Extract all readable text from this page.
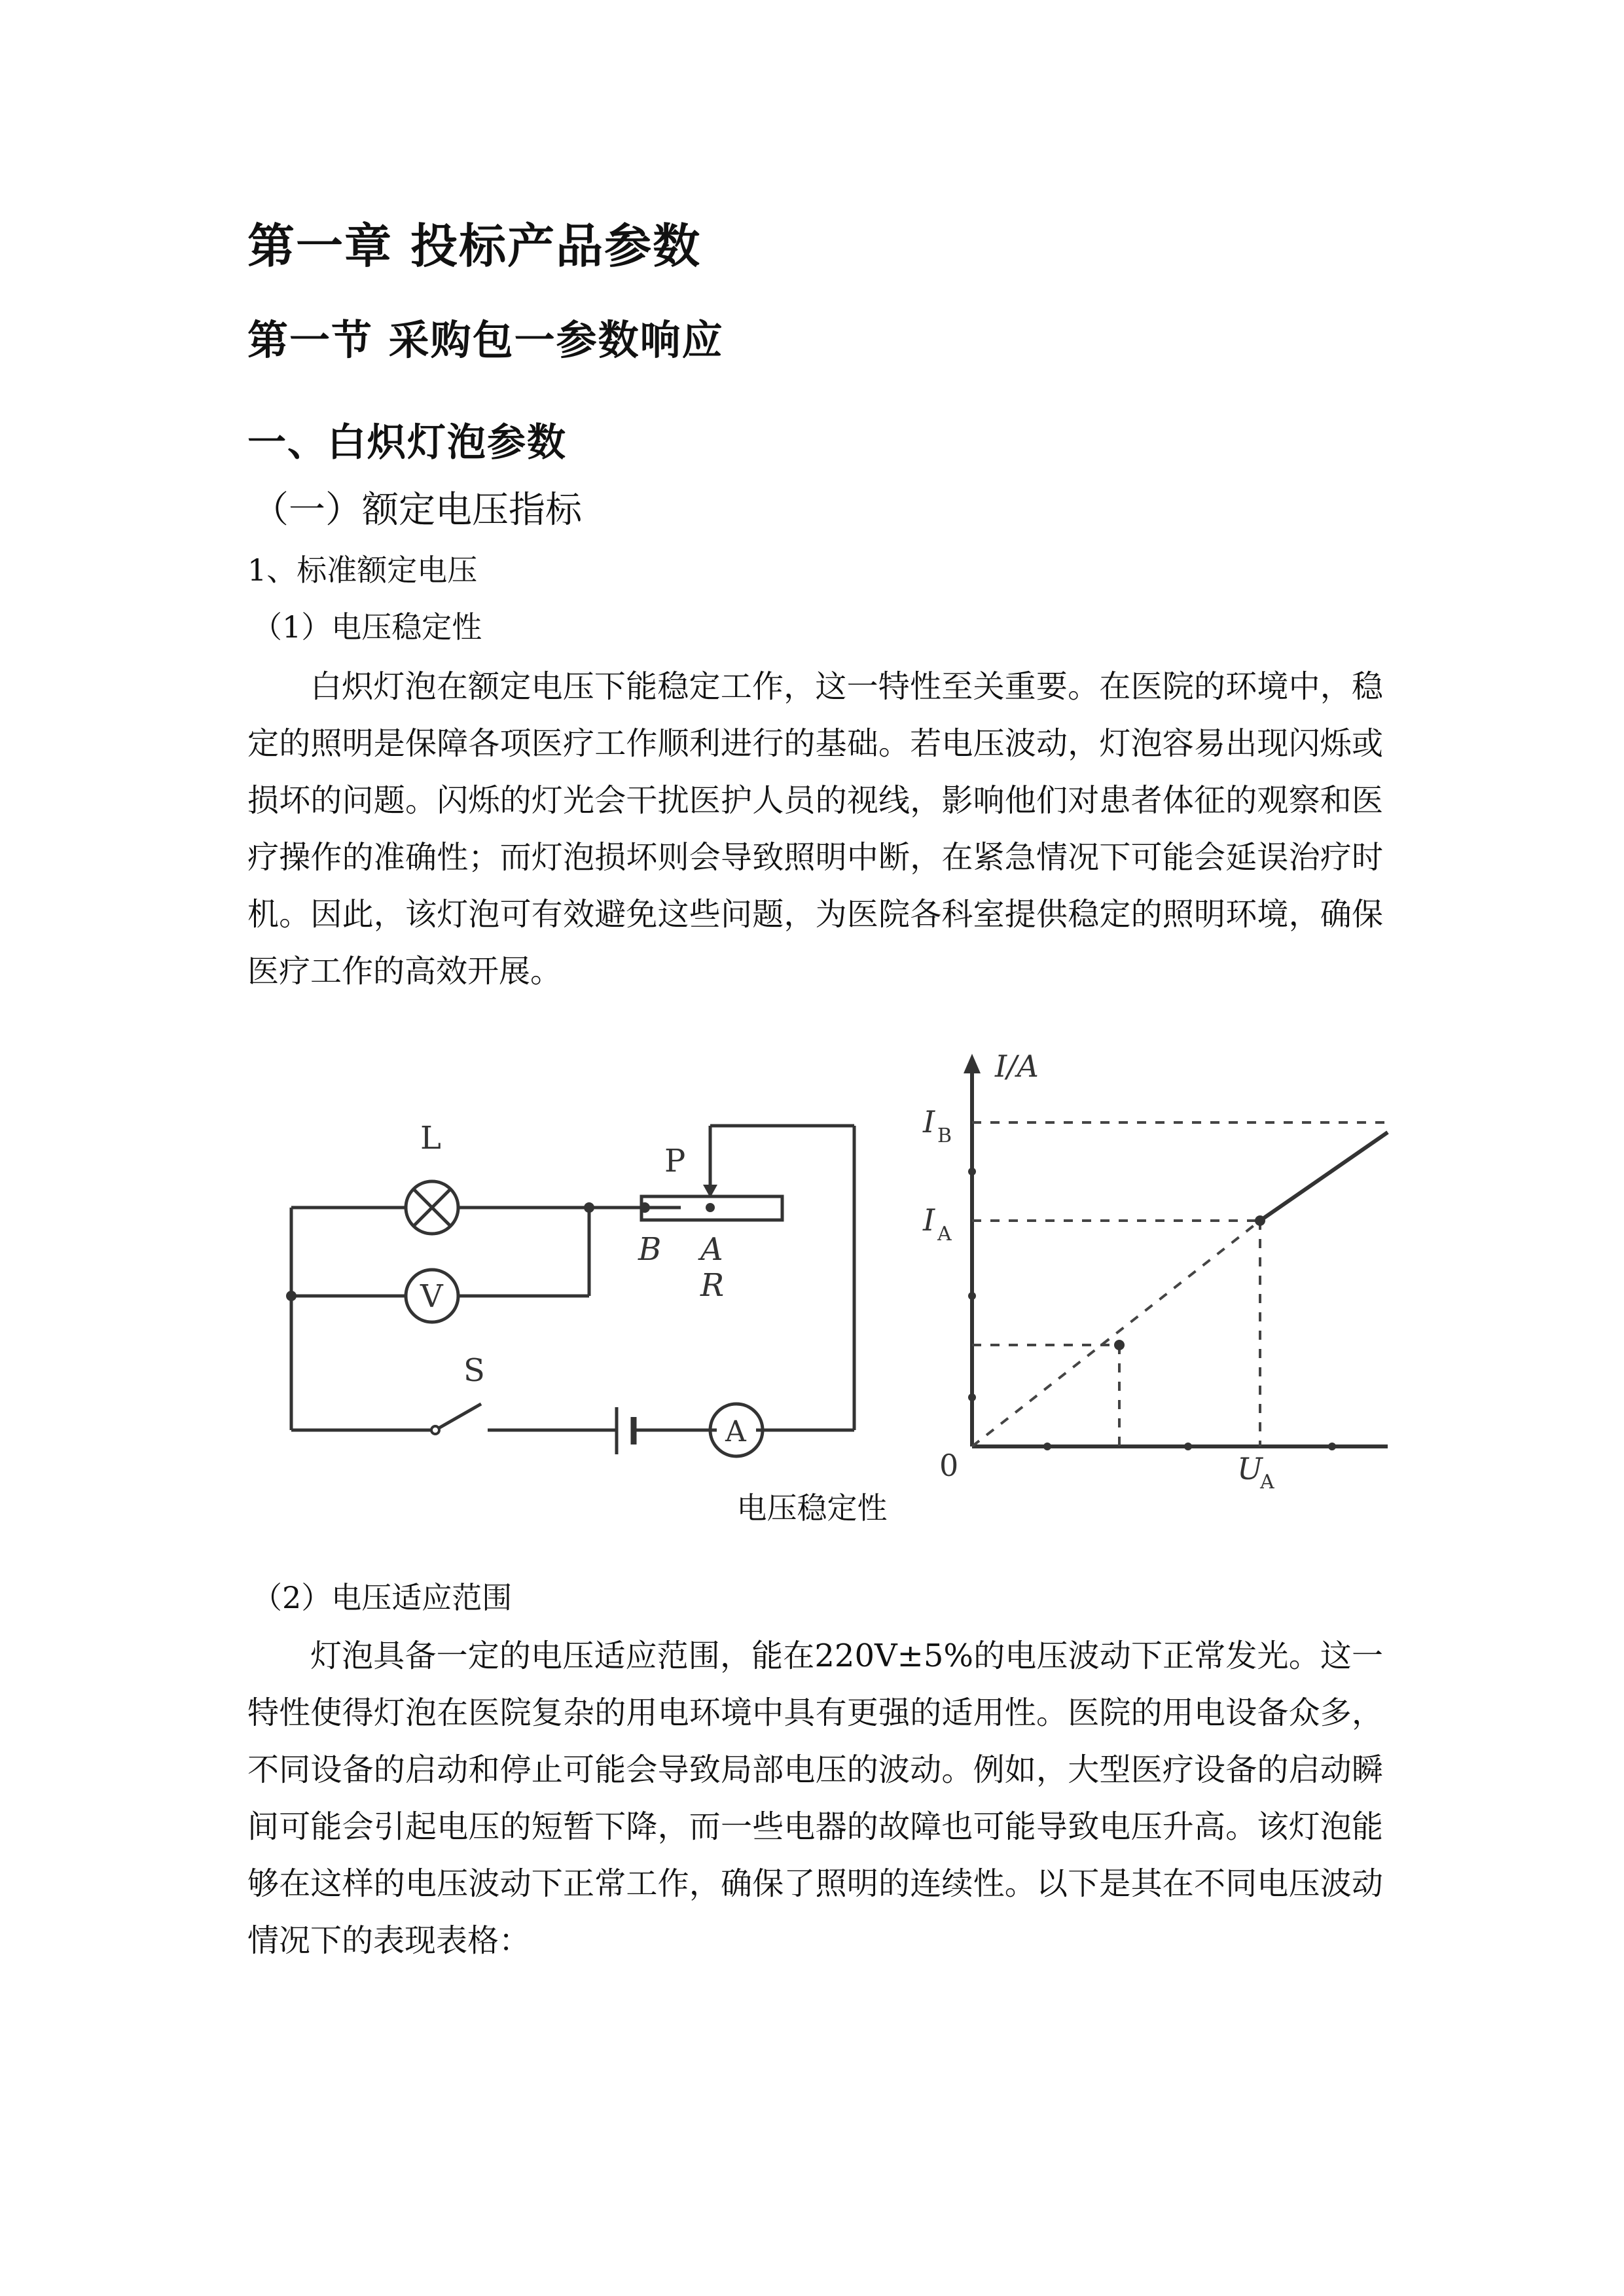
第一章 投标产品参数
第一节 采购包一参数响应
一、白炽灯泡参数
（一）额定电压指标
1、标准额定电压
（1）电压稳定性

白炽灯泡在额定电压下能稳定工作，这一特性至关重要。在医院的环境中，稳定的照明是保障各项医疗工作顺利进行的基础。若电压波动，灯泡容易出现闪烁或损坏的问题。闪烁的灯光会干扰医护人员的视线，影响他们对患者体征的观察和医疗操作的准确性；而灯泡损坏则会导致照明中断，在紧急情况下可能会延误治疗时机。因此，该灯泡可有效避免这些问题，为医院各科室提供稳定的照明环境，确保医疗工作的高效开展。

L
V
P
B A
R
S
A
I/A
I B
I A
U
A
0
电压稳定性
（2）电压适应范围

灯泡具备一定的电压适应范围，能在220V±5%的电压波动下正常发光。这一特性使得灯泡在医院复杂的用电环境中具有更强的适用性。医院的用电设备众多，不同设备的启动和停止可能会导致局部电压的波动。例如，大型医疗设备的启动瞬间可能会引起电压的短暂下降，而一些电器的故障也可能导致电压升高。该灯泡能够在这样的电压波动下正常工作，确保了照明的连续性。以下是其在不同电压波动情况下的表现表格：
